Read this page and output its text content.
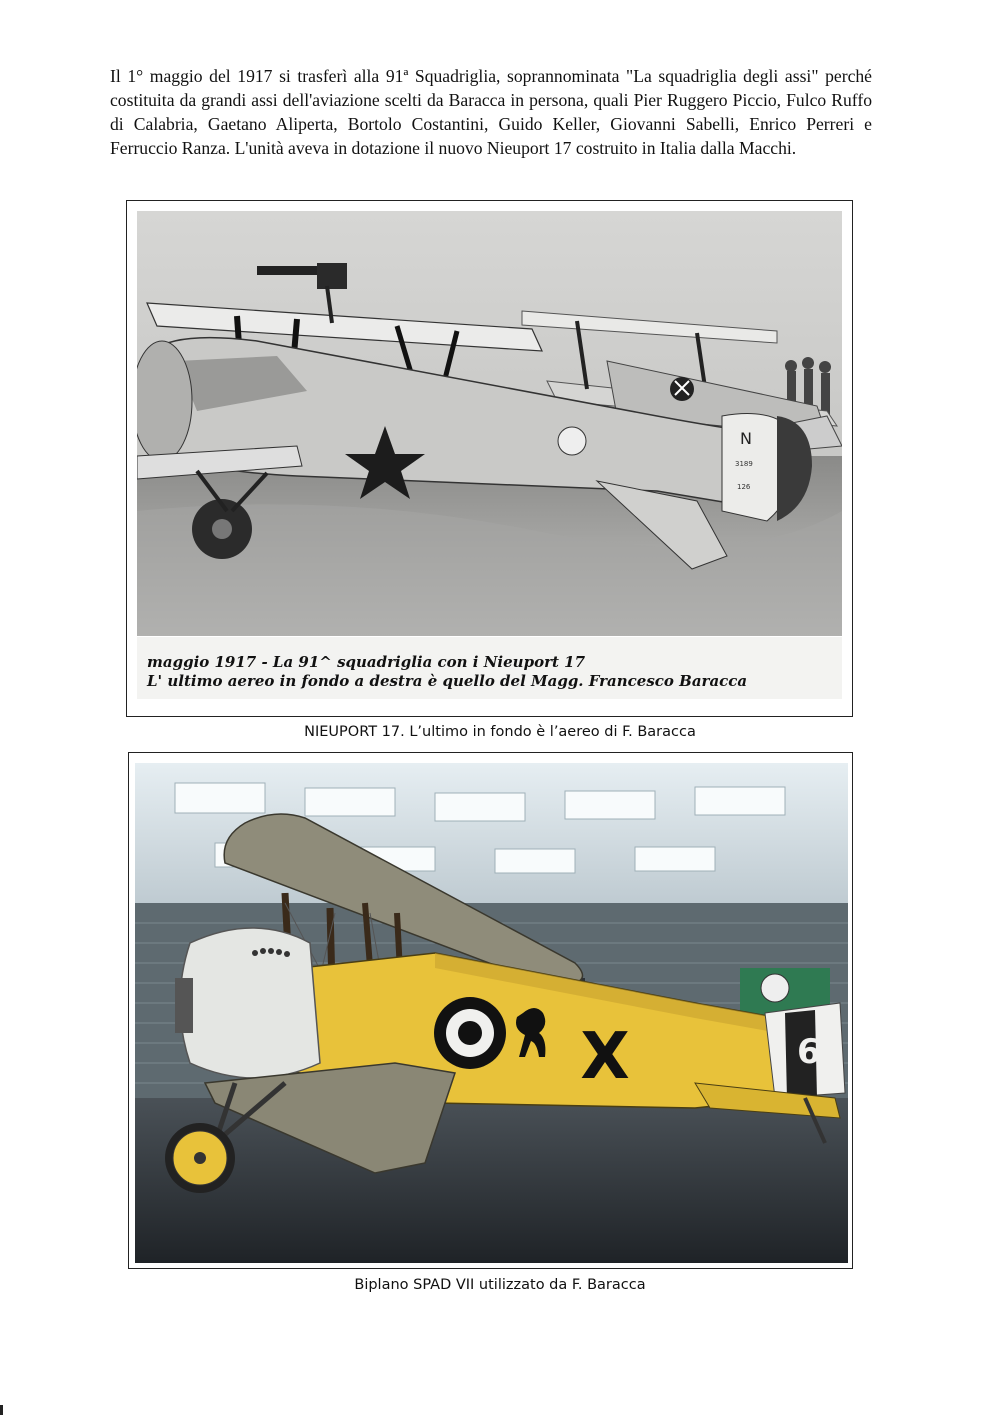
Il 1° maggio del 1917 si trasferì alla 91ª Squadriglia, soprannominata "La squadriglia degli assi" perché costituita da grandi assi dell'aviazione scelti da Baracca in persona, quali Pier Ruggero Piccio, Fulco Ruffo di Calabria, Gaetano Aliperta, Bortolo Costantini, Guido Keller, Giovanni Sabelli, Enrico Perreri e Ferruccio Ranza. L'unità aveva in dotazione il nuovo Nieuport 17 costruito in Italia dalla Macchi.

N
3189
126
maggio 1917 - La 91^ squadriglia con i Nieuport 17
L' ultimo aereo in fondo a destra è quello del Magg. Francesco Baracca
NIEUPORT 17. L’ultimo in fondo è l’aereo di F. Baracca
X	6
Biplano SPAD VII utilizzato da F. Baracca
